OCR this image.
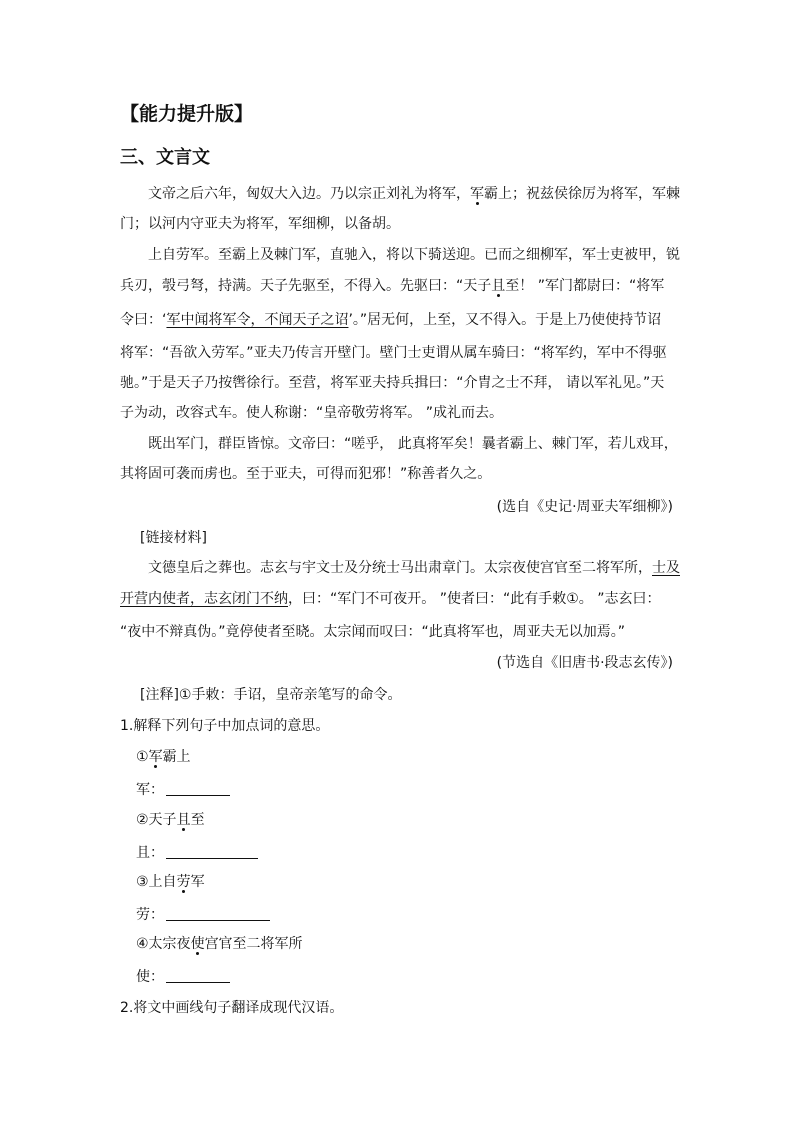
【能力提升版】
三、文言文
文帝之后六年，匈奴大入边。乃以宗正刘礼为将军，军霸上；祝兹侯徐厉为将军，军棘
门；以河内守亚夫为将军，军细柳，以备胡。
上自劳军。至霸上及棘门军，直驰入，将以下骑送迎。已而之细柳军，军士吏被甲，锐
兵刃，彀弓弩，持满。天子先驱至，不得入。先驱曰：“天子且至！ ”军门都尉曰：“将军
令曰：‘军中闻将军令，不闻天子之诏’。”居无何，上至，又不得入。于是上乃使使持节诏
将军：“吾欲入劳军。”亚夫乃传言开壁门。壁门士吏谓从属车骑曰：“将军约，军中不得驱
驰。”于是天子乃按辔徐行。至营，将军亚夫持兵揖曰：“介胄之士不拜， 请以军礼见。”天
子为动，改容式车。使人称谢：“皇帝敬劳将军。 ”成礼而去。
既出军门，群臣皆惊。文帝曰：“嗟乎， 此真将军矣！曩者霸上、棘门军，若儿戏耳，
其将固可袭而虏也。至于亚夫，可得而犯邪！”称善者久之。
(选自《史记·周亚夫军细柳》)
[链接材料]
文德皇后之葬也。志玄与宇文士及分统士马出肃章门。太宗夜使宫官至二将军所，士及
开营内使者，志玄闭门不纳，曰：“军门不可夜开。 ”使者曰：“此有手敕①。 ”志玄曰：
“夜中不辩真伪。”竟停使者至晓。太宗闻而叹曰：“此真将军也，周亚夫无以加焉。”
(节选自《旧唐书·段志玄传》)
[注释]①手敕：手诏，皇帝亲笔写的命令。
1.解释下列句子中加点词的意思。
①军霸上
军：
②天子且至
且：
③上自劳军
劳：
④太宗夜使宫官至二将军所
使：
2.将文中画线句子翻译成现代汉语。
